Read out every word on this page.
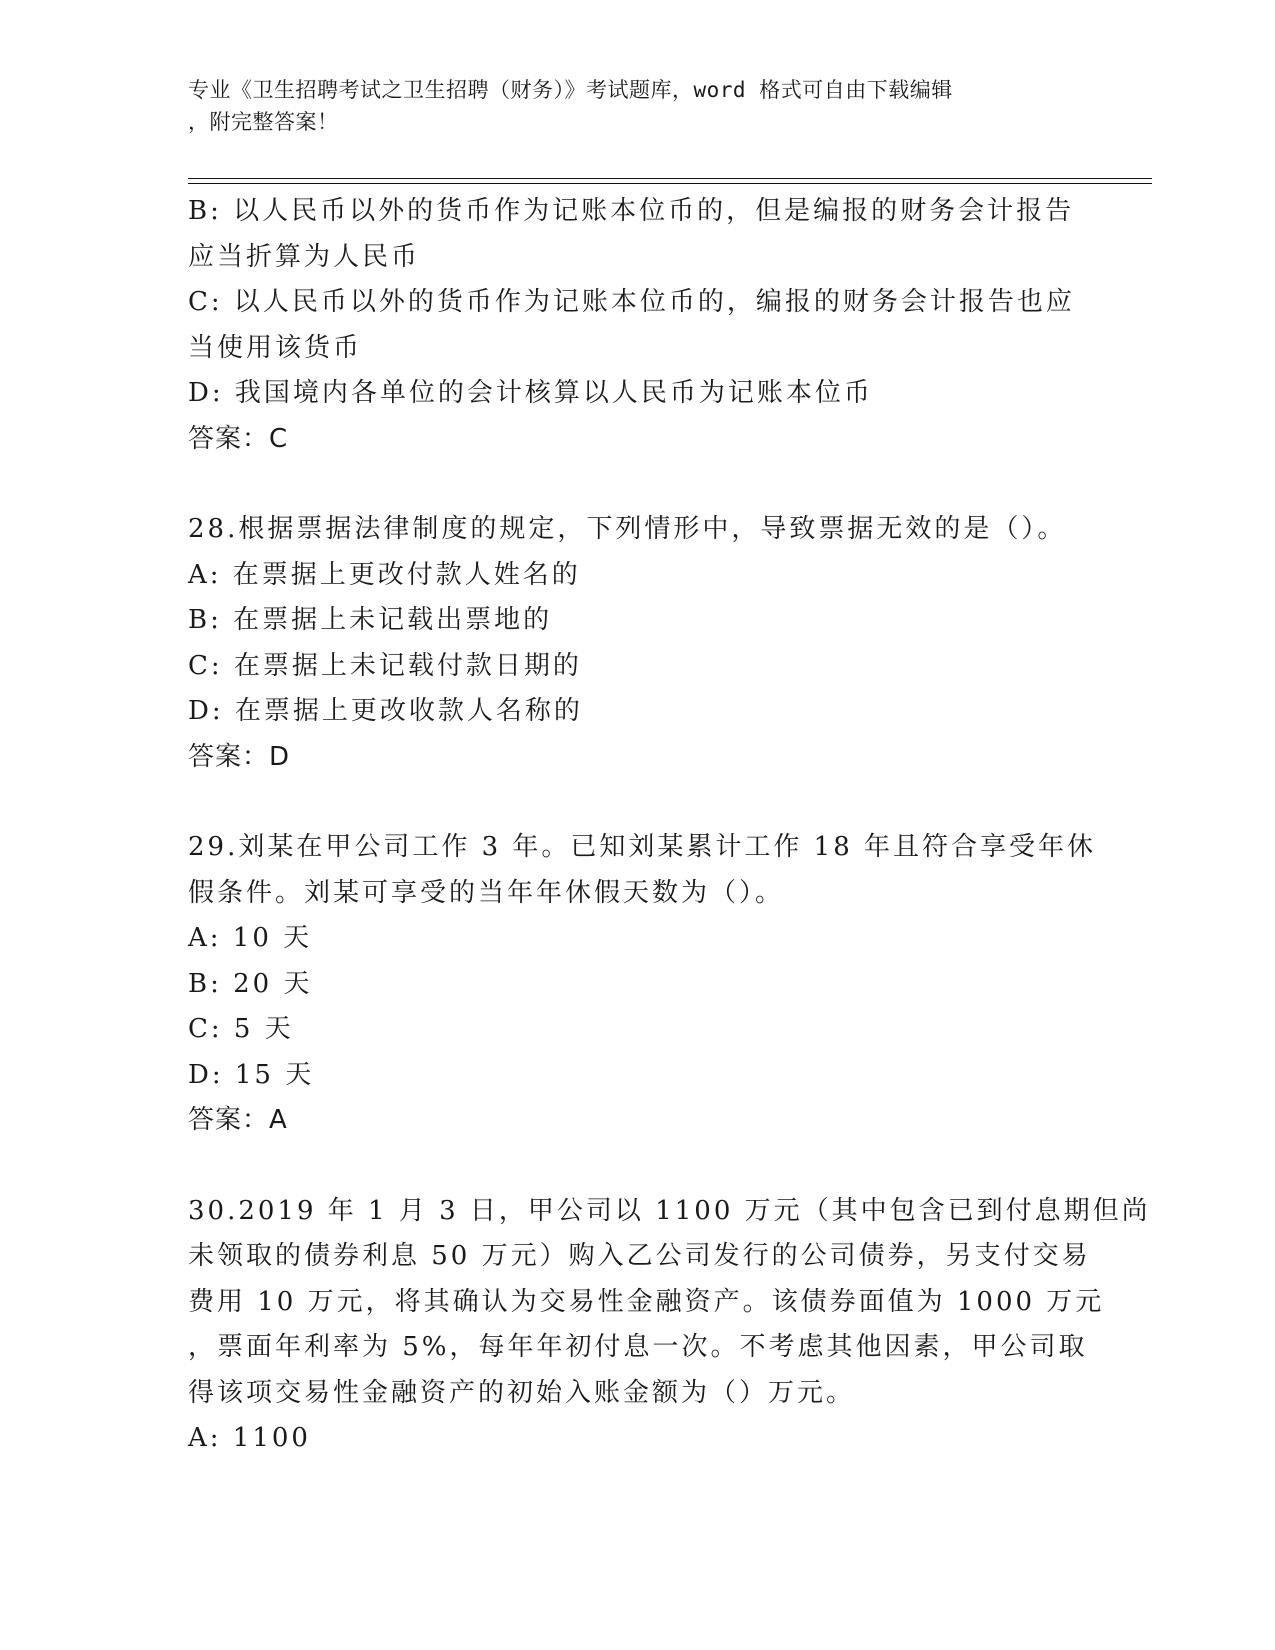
专业《卫生招聘考试之卫生招聘（财务）》考试题库，word 格式可自由下载编辑
，附完整答案！
B: 以人民币以外的货币作为记账本位币的，但是编报的财务会计报告
应当折算为人民币
C: 以人民币以外的货币作为记账本位币的，编报的财务会计报告也应
当使用该货币
D: 我国境内各单位的会计核算以人民币为记账本位币
答案：C
28.根据票据法律制度的规定，下列情形中，导致票据无效的是（）。
A: 在票据上更改付款人姓名的
B: 在票据上未记载出票地的
C: 在票据上未记载付款日期的
D: 在票据上更改收款人名称的
答案：D
29.刘某在甲公司工作 3 年。已知刘某累计工作 18 年且符合享受年休
假条件。刘某可享受的当年年休假天数为（）。
A: 10 天
B: 20 天
C: 5 天
D: 15 天
答案：A
30.2019 年 1 月 3 日，甲公司以 1100 万元（其中包含已到付息期但尚
未领取的债券利息 50 万元）购入乙公司发行的公司债券，另支付交易
费用 10 万元，将其确认为交易性金融资产。该债券面值为 1000 万元
，票面年利率为 5%，每年年初付息一次。不考虑其他因素，甲公司取
得该项交易性金融资产的初始入账金额为（）万元。
A: 1100
